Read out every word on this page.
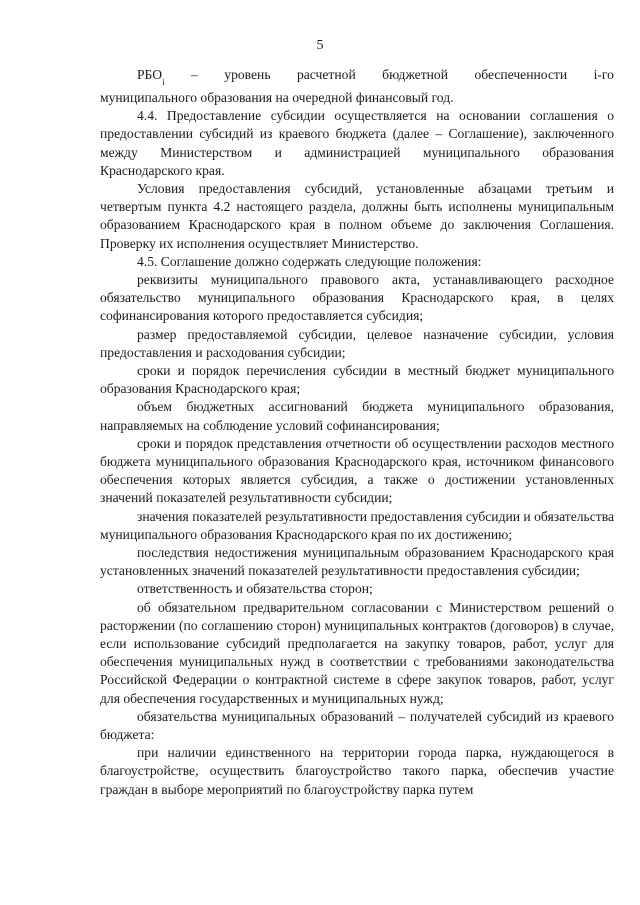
5
$РБО_i$ – уровень расчетной бюджетной обеспеченности i-го

муниципального образования на очередной финансовый год.

4.4. Предоставление субсидии осуществляется на основании соглашения о предоставлении субсидий из краевого бюджета (далее – Соглашение), заключенного между Министерством и администрацией муниципального образования Краснодарского края.

Условия предоставления субсидий, установленные абзацами третьим и четвертым пункта 4.2 настоящего раздела, должны быть исполнены муниципальным образованием Краснодарского края в полном объеме до заключения Соглашения. Проверку их исполнения осуществляет Министерство.

4.5. Соглашение должно содержать следующие положения:

реквизиты муниципального правового акта, устанавливающего расходное обязательство муниципального образования Краснодарского края, в целях софинансирования которого предоставляется субсидия;

размер предоставляемой субсидии, целевое назначение субсидии, условия предоставления и расходования субсидии;

сроки и порядок перечисления субсидии в местный бюджет муниципального образования Краснодарского края;

объем бюджетных ассигнований бюджета муниципального образования, направляемых на соблюдение условий софинансирования;

сроки и порядок представления отчетности об осуществлении расходов местного бюджета муниципального образования Краснодарского края, источником финансового обеспечения которых является субсидия, а также о достижении установленных значений показателей результативности субсидии;

значения показателей результативности предоставления субсидии и обязательства муниципального образования Краснодарского края по их достижению;

последствия недостижения муниципальным образованием Краснодарского края установленных значений показателей результативности предоставления субсидии;

ответственность и обязательства сторон;

об обязательном предварительном согласовании с Министерством решений о расторжении (по соглашению сторон) муниципальных контрактов (договоров) в случае, если использование субсидий предполагается на закупку товаров, работ, услуг для обеспечения муниципальных нужд в соответствии с требованиями законодательства Российской Федерации о контрактной системе в сфере закупок товаров, работ, услуг для обеспечения государственных и муниципальных нужд;

обязательства муниципальных образований – получателей субсидий из краевого бюджета:

при наличии единственного на территории города парка, нуждающегося в благоустройстве, осуществить благоустройство такого парка, обеспечив участие граждан в выборе мероприятий по благоустройству парка путем
